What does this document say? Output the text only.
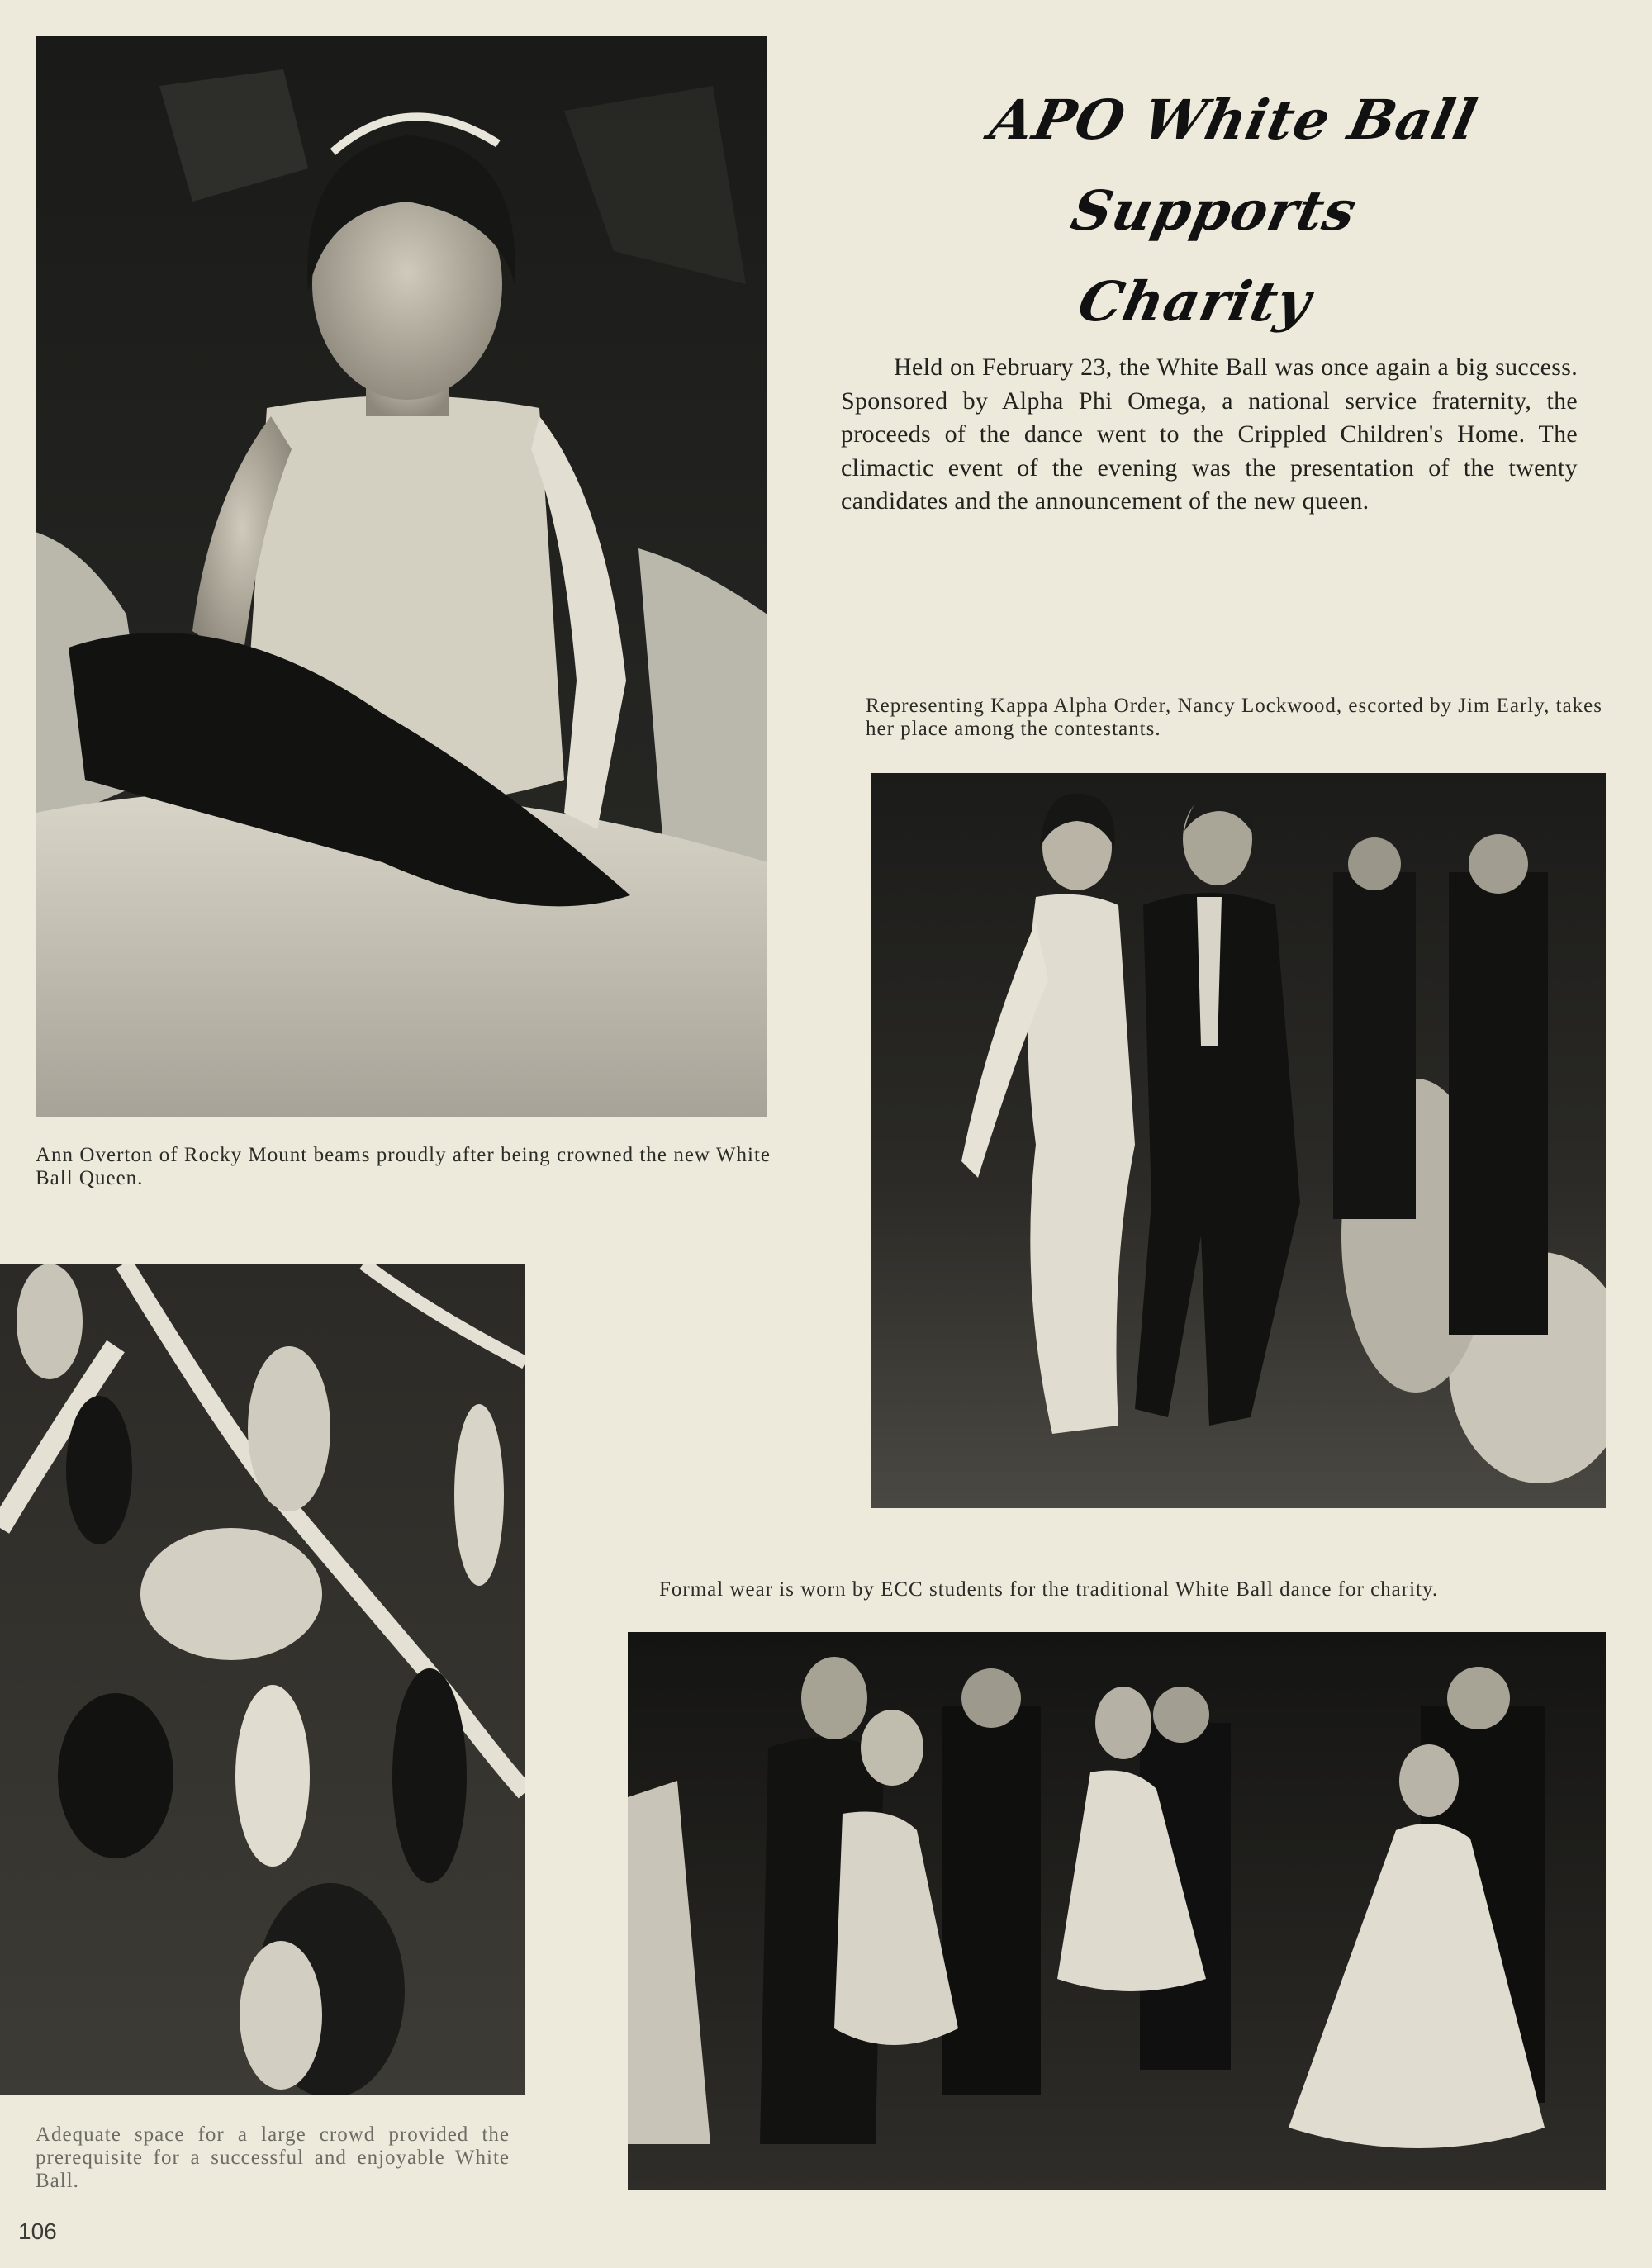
Ann Overton of Rocky Mount beams proudly after being crowned the new White Ball Queen.
APO White Ball Supports Charity
Held on February 23, the White Ball was once again a big success. Sponsored by Alpha Phi Omega, a national service fraternity, the proceeds of the dance went to the Crippled Children's Home. The climactic event of the evening was the presentation of the twenty candidates and the announcement of the new queen.
Representing Kappa Alpha Order, Nancy Lockwood, escorted by Jim Early, takes her place among the contestants.
Adequate space for a large crowd provided the prerequisite for a successful and enjoyable White Ball.
Formal wear is worn by ECC students for the traditional White Ball dance for charity.
106
